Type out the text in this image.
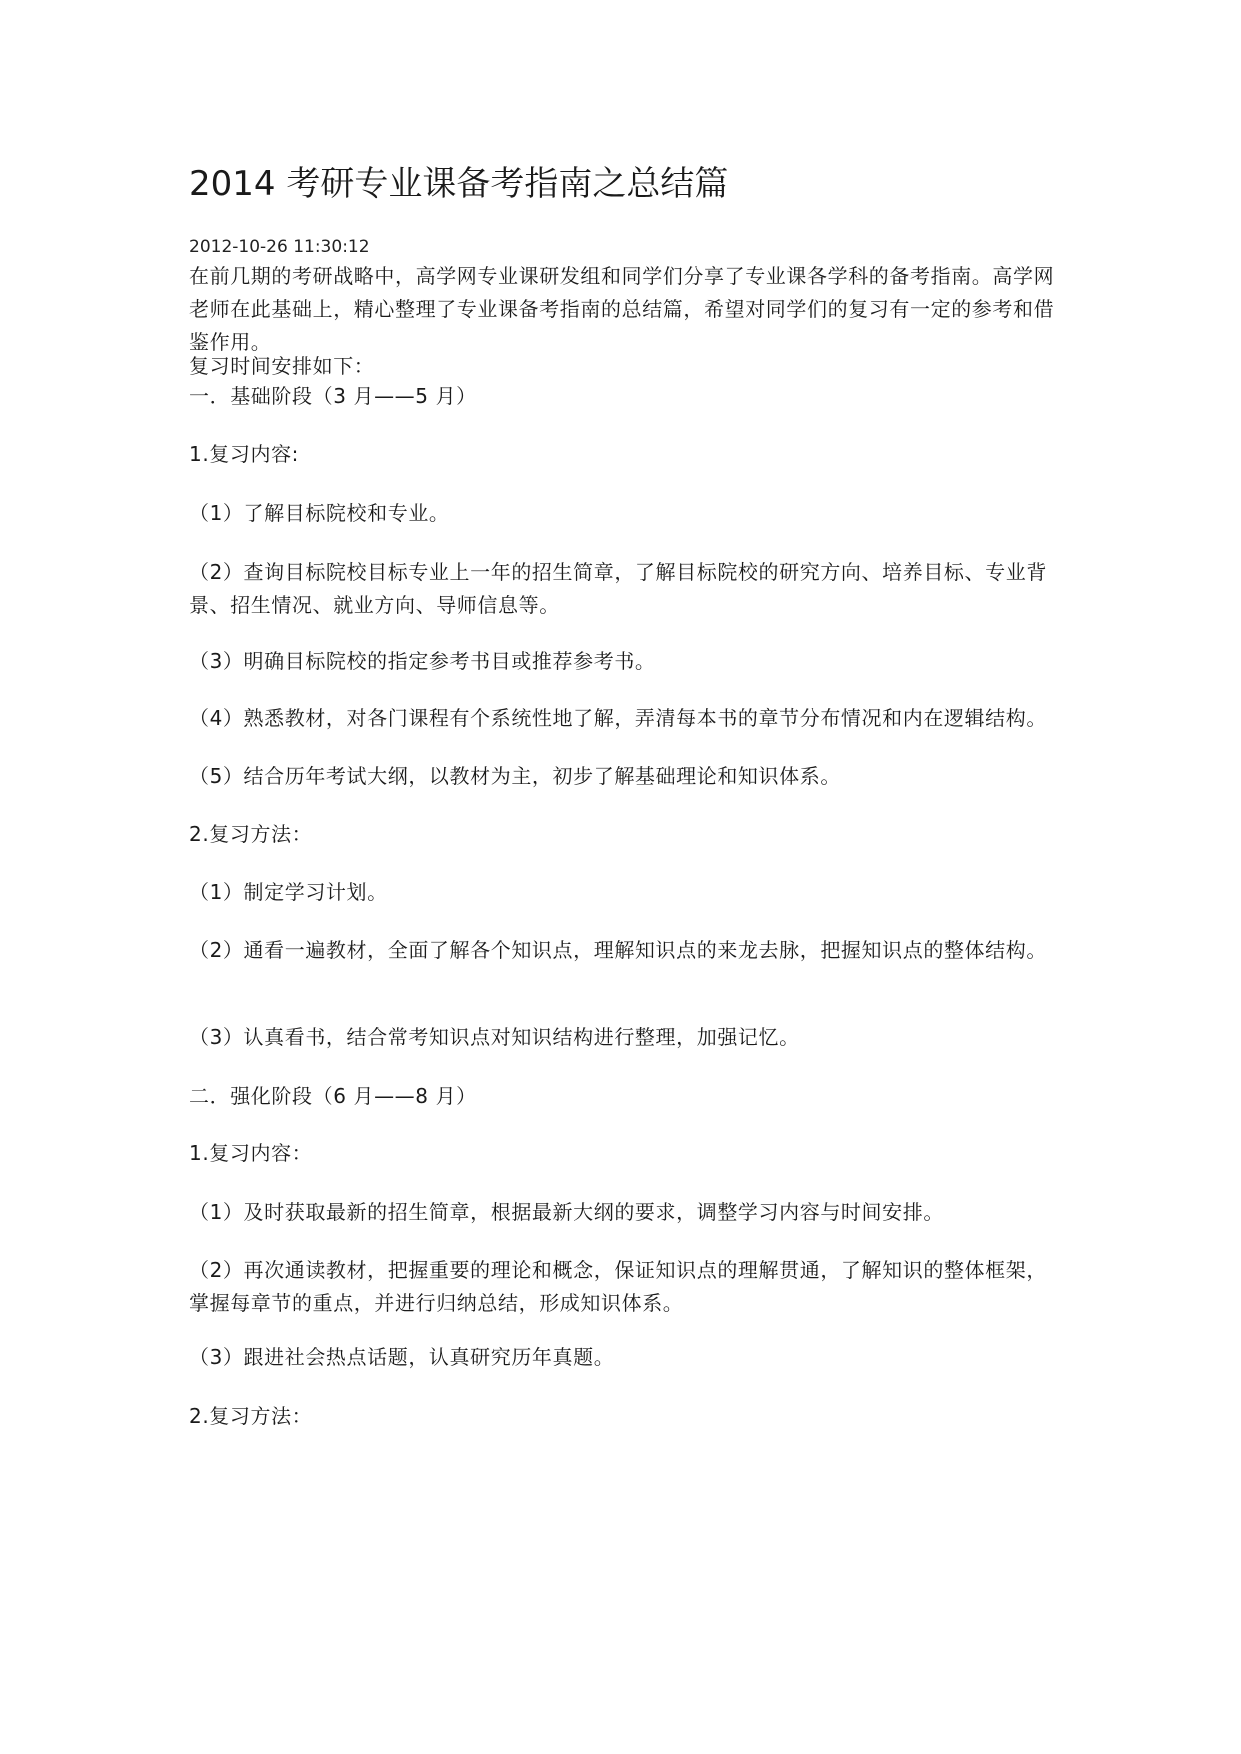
2014 考研专业课备考指南之总结篇
2012-10-26 11:30:12

在前几期的考研战略中，高学网专业课研发组和同学们分享了专业课各学科的备考指南。高学网老师在此基础上，精心整理了专业课备考指南的总结篇，希望对同学们的复习有一定的参考和借鉴作用。

复习时间安排如下：

一．基础阶段（3 月——5 月）

1.复习内容:

（1）了解目标院校和专业。

（2）查询目标院校目标专业上一年的招生简章，了解目标院校的研究方向、培养目标、专业背景、招生情况、就业方向、导师信息等。

（3）明确目标院校的指定参考书目或推荐参考书。

（4）熟悉教材，对各门课程有个系统性地了解，弄清每本书的章节分布情况和内在逻辑结构。

（5）结合历年考试大纲，以教材为主，初步了解基础理论和知识体系。

2.复习方法：

（1）制定学习计划。

（2）通看一遍教材，全面了解各个知识点，理解知识点的来龙去脉，把握知识点的整体结构。

（3）认真看书，结合常考知识点对知识结构进行整理，加强记忆。

二．强化阶段（6 月——8 月）

1.复习内容：

（1）及时获取最新的招生简章，根据最新大纲的要求，调整学习内容与时间安排。

（2）再次通读教材，把握重要的理论和概念，保证知识点的理解贯通，了解知识的整体框架，掌握每章节的重点，并进行归纳总结，形成知识体系。

（3）跟进社会热点话题，认真研究历年真题。

2.复习方法：
